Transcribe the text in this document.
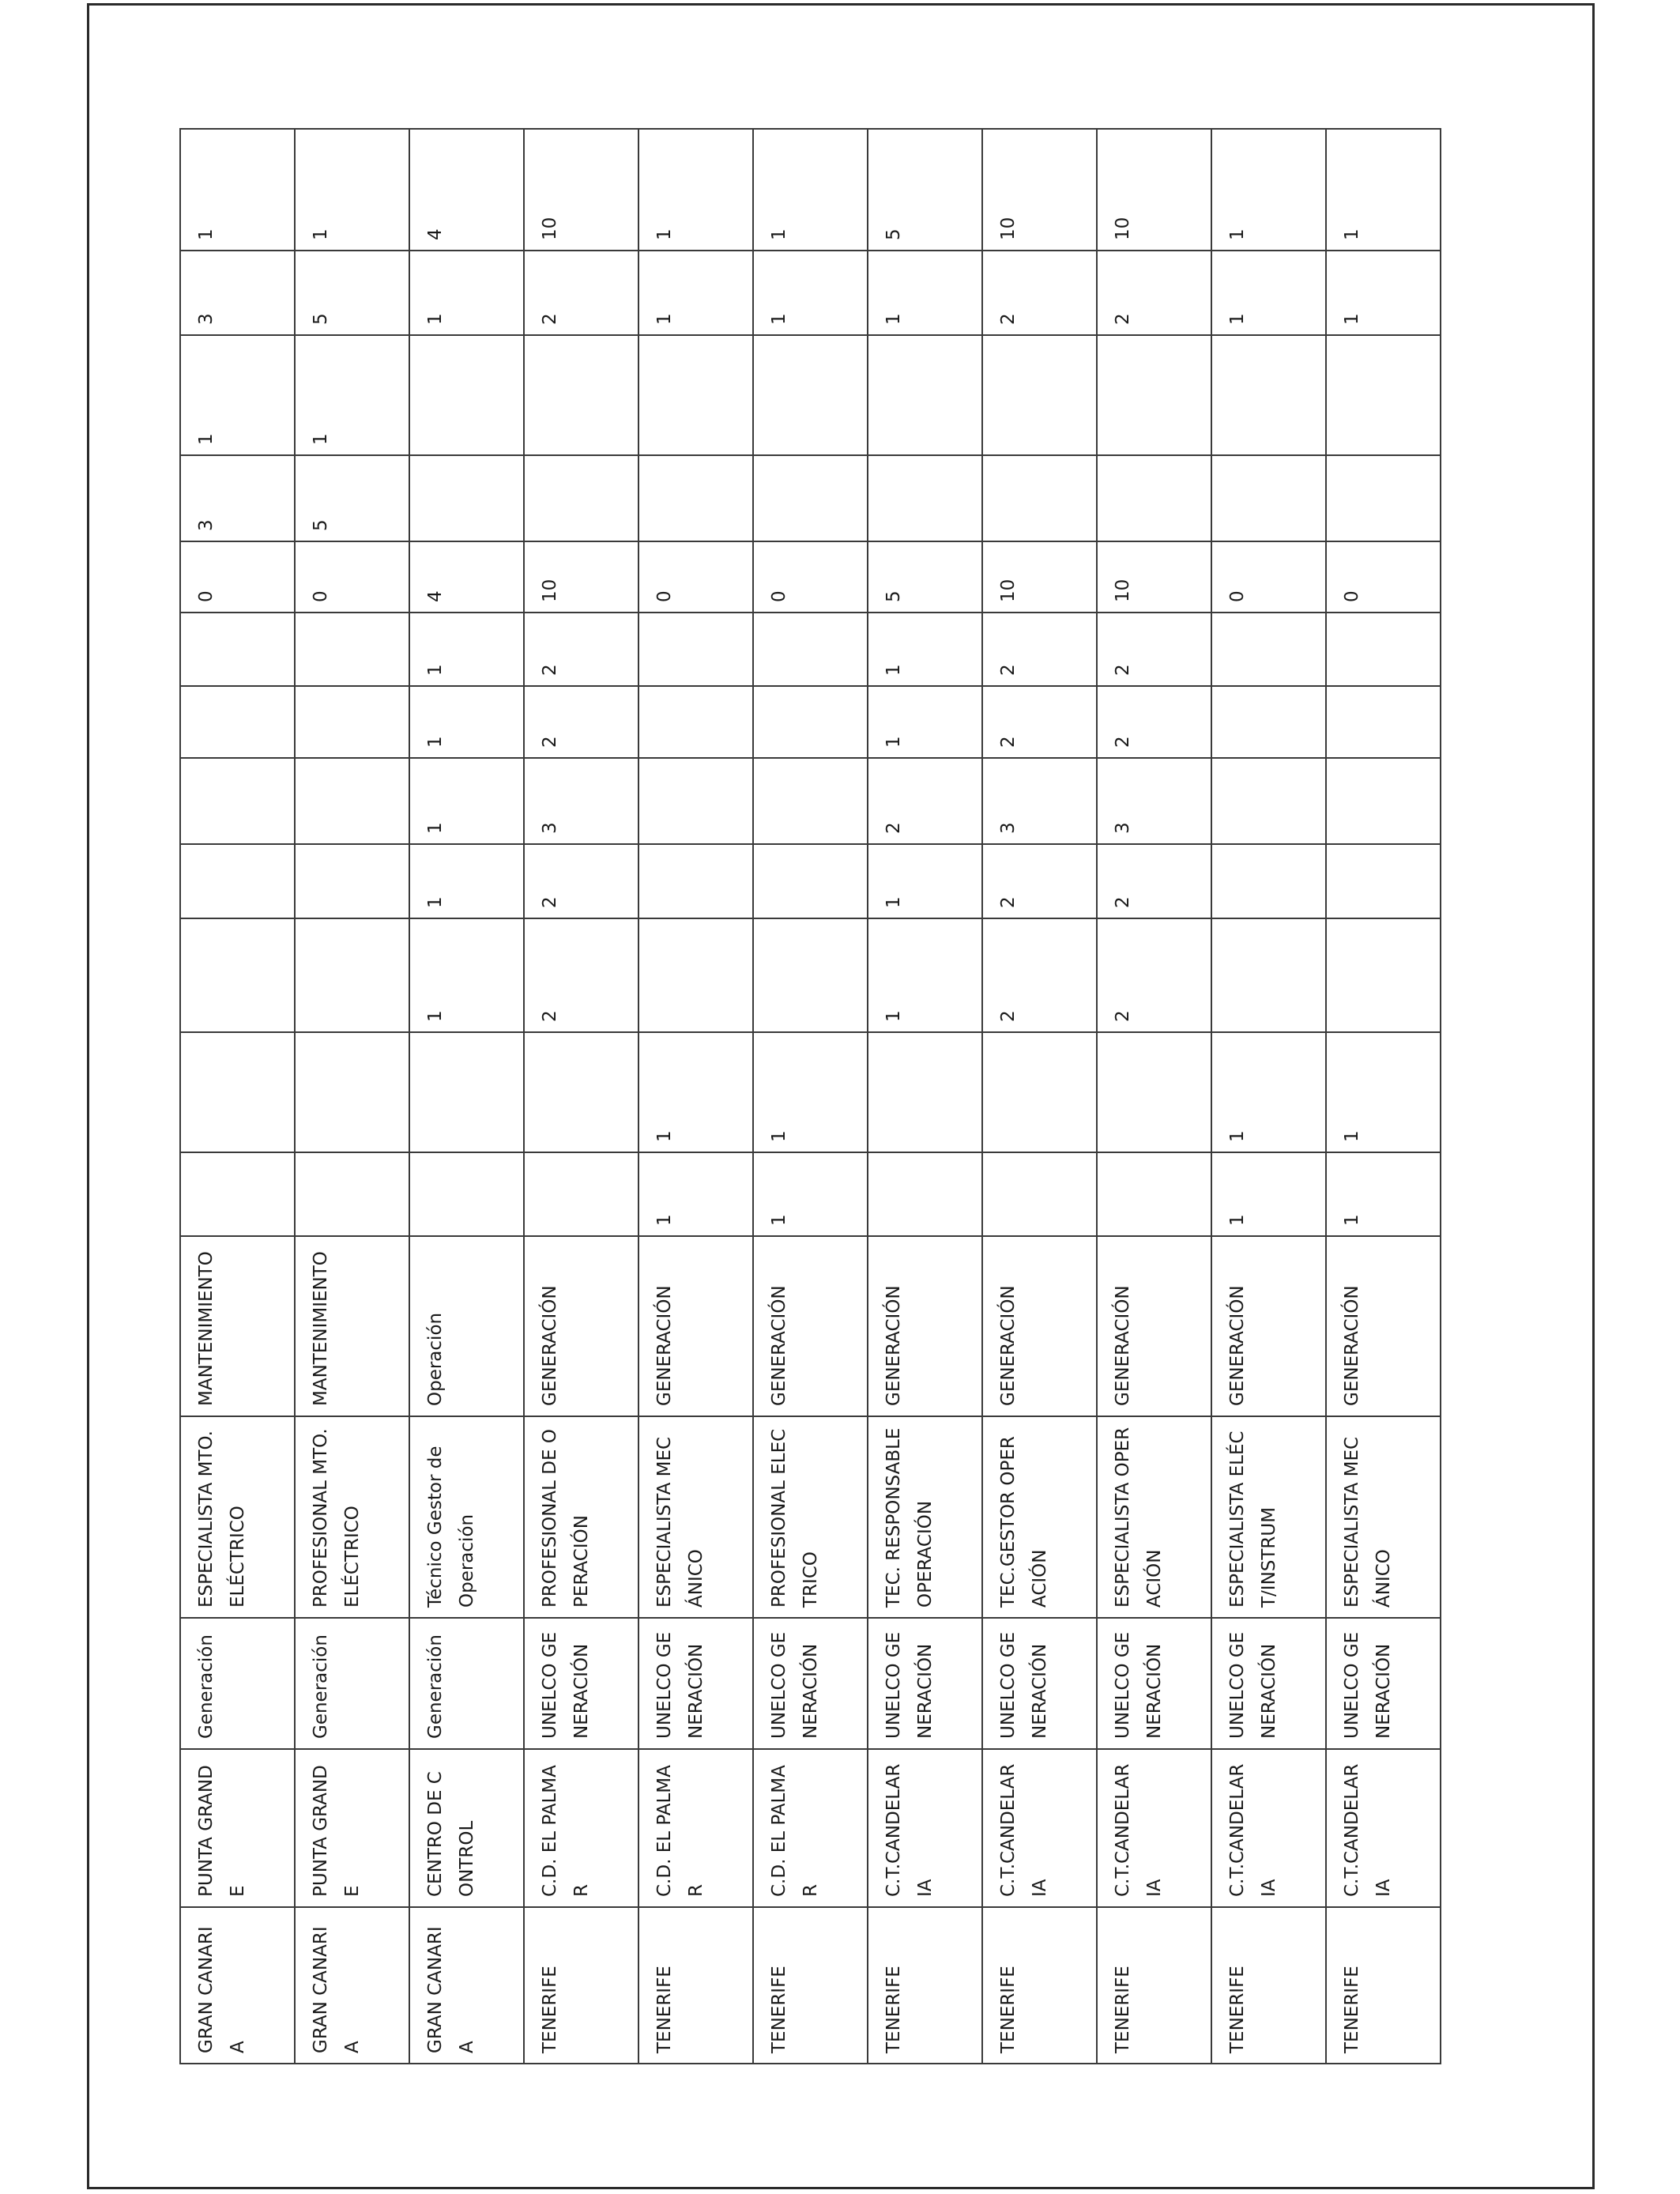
GRAN CANARIA	PUNTA GRANDE	Generación	ESPECIALISTA MTO. ELÉCTRICO	MANTENIMIENTO								0	3	1	3	1
GRAN CANARIA	PUNTA GRANDE	Generación	PROFESIONAL MTO. ELÉCTRICO	MANTENIMIENTO								0	5	1	5	1
GRAN CANARIA	CENTRO DE CONTROL	Generación	Técnico Gestor de Operación	Operación			1	1	1	1	1	4			1	4
TENERIFE	C.D. EL PALMAR	UNELCO GENERACIÓN	PROFESIONAL DE OPERACIÓN	GENERACIÓN			2	2	3	2	2	10			2	10
TENERIFE	C.D. EL PALMAR	UNELCO GENERACIÓN	ESPECIALISTA MECÁNICO	GENERACIÓN	1	1						0			1	1
TENERIFE	C.D. EL PALMAR	UNELCO GENERACIÓN	PROFESIONAL ELECTRICO	GENERACIÓN	1	1						0			1	1
TENERIFE	C.T.CANDELARIA	UNELCO GENERACIÓN	TEC. RESPONSABLE OPERACIÓN	GENERACIÓN			1	1	2	1	1	5			1	5
TENERIFE	C.T.CANDELARIA	UNELCO GENERACIÓN	TEC.GESTOR OPERACIÓN	GENERACIÓN			2	2	3	2	2	10			2	10
TENERIFE	C.T.CANDELARIA	UNELCO GENERACIÓN	ESPECIALISTA OPERACIÓN	GENERACIÓN			2	2	3	2	2	10			2	10
TENERIFE	C.T.CANDELARIA	UNELCO GENERACIÓN	ESPECIALISTA ELÉCT/INSTRUM	GENERACIÓN	1	1						0			1	1
TENERIFE	C.T.CANDELARIA	UNELCO GENERACIÓN	ESPECIALISTA MECÁNICO	GENERACIÓN	1	1						0			1	1
